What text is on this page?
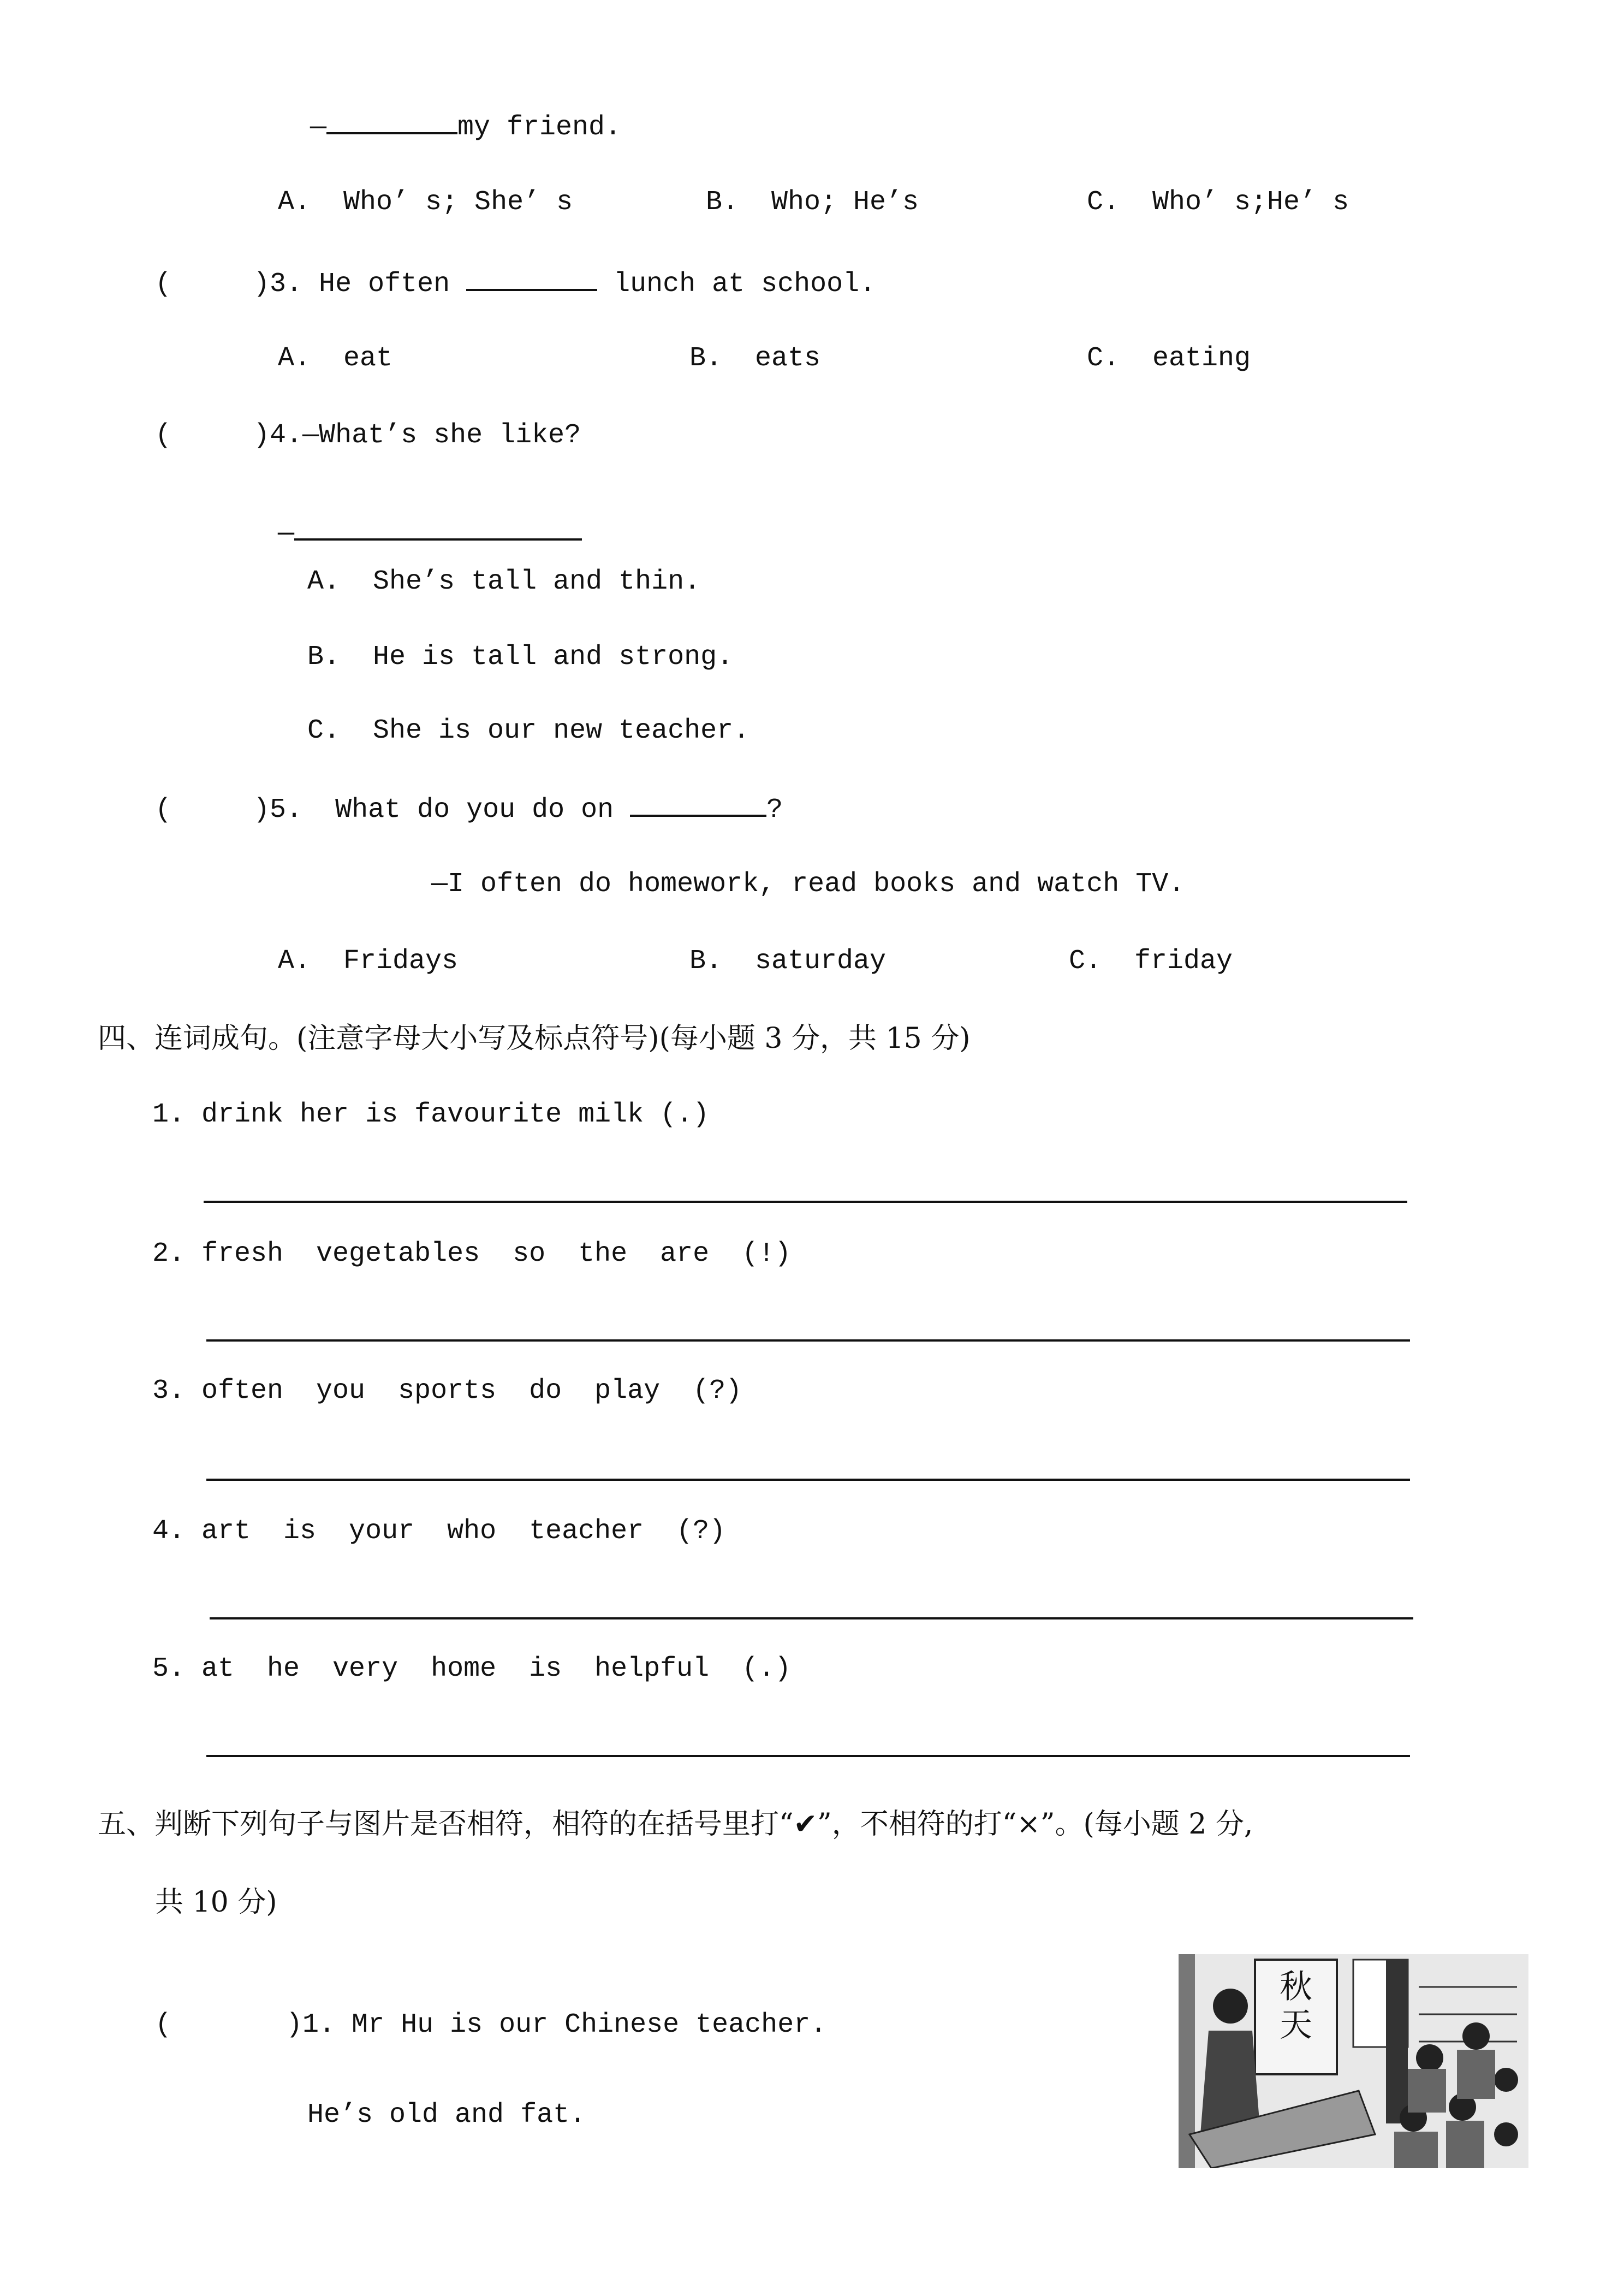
—	my friend.
A.  Who’ s; She’ s	B.  Who; He’s	C.  Who’ s;He’ s
(     )3. He often	lunch at school.
A.  eat	B.  eats	C.  eating
(     )4.—What’s she like?
—
A.  She’s tall and thin.
B.  He is tall and strong.
C.  She is our new teacher.
(     )5.  What do you do on	?
—I often do homework, read books and watch TV.
A.  Fridays	B.  saturday	C.  friday
四、连词成句。(注意字母大小写及标点符号)(每小题 3 分，共 15 分)
1. drink her is favourite milk (.)
2. fresh  vegetables  so  the  are  (!)
3. often  you  sports  do  play  (?)
4. art  is  your  who  teacher  (?)
5. at  he  very  home  is  helpful  (.)
五、判断下列句子与图片是否相符，相符的在括号里打“✔”，不相符的打“×”。(每小题 2 分,
共 10 分)
(       )1. Mr Hu is our Chinese teacher.
He’s old and fat.
秋
天
